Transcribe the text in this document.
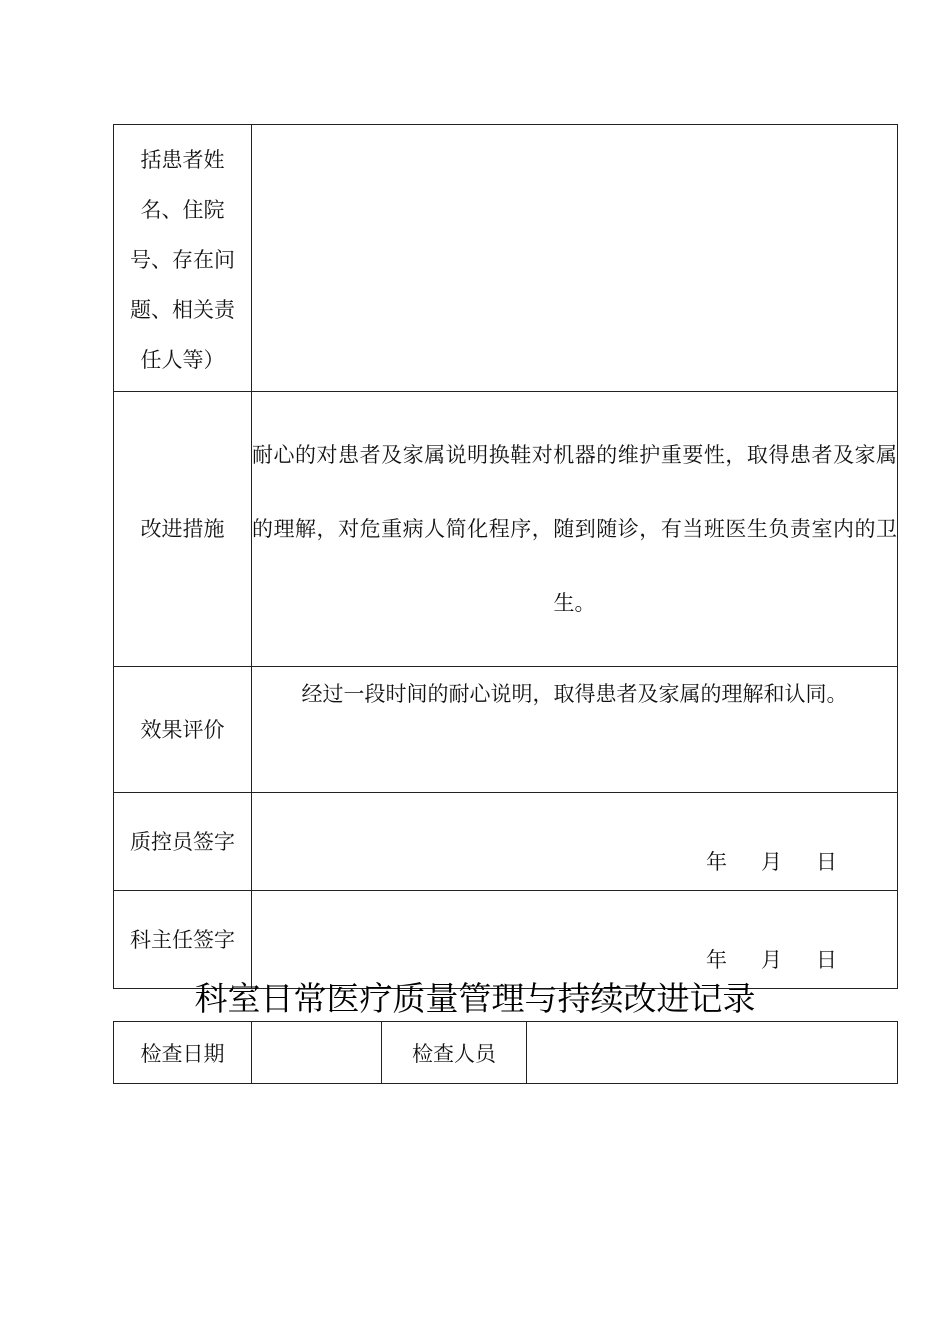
括患者姓
名、住院
号、存在问
题、相关责
任人等）	

改进措施	耐心的对患者及家属说明换鞋对机器的维护重要性，取得患者及家属的理解，对危重病人简化程序，随到随诊，有当班医生负责室内的卫生。

效果评价	经过一段时间的耐心说明，取得患者及家属的理解和认同。

质控员签字	年 月 日

科主任签字	年 月 日
科室日常医疗质量管理与持续改进记录
检查日期		检查人员	
